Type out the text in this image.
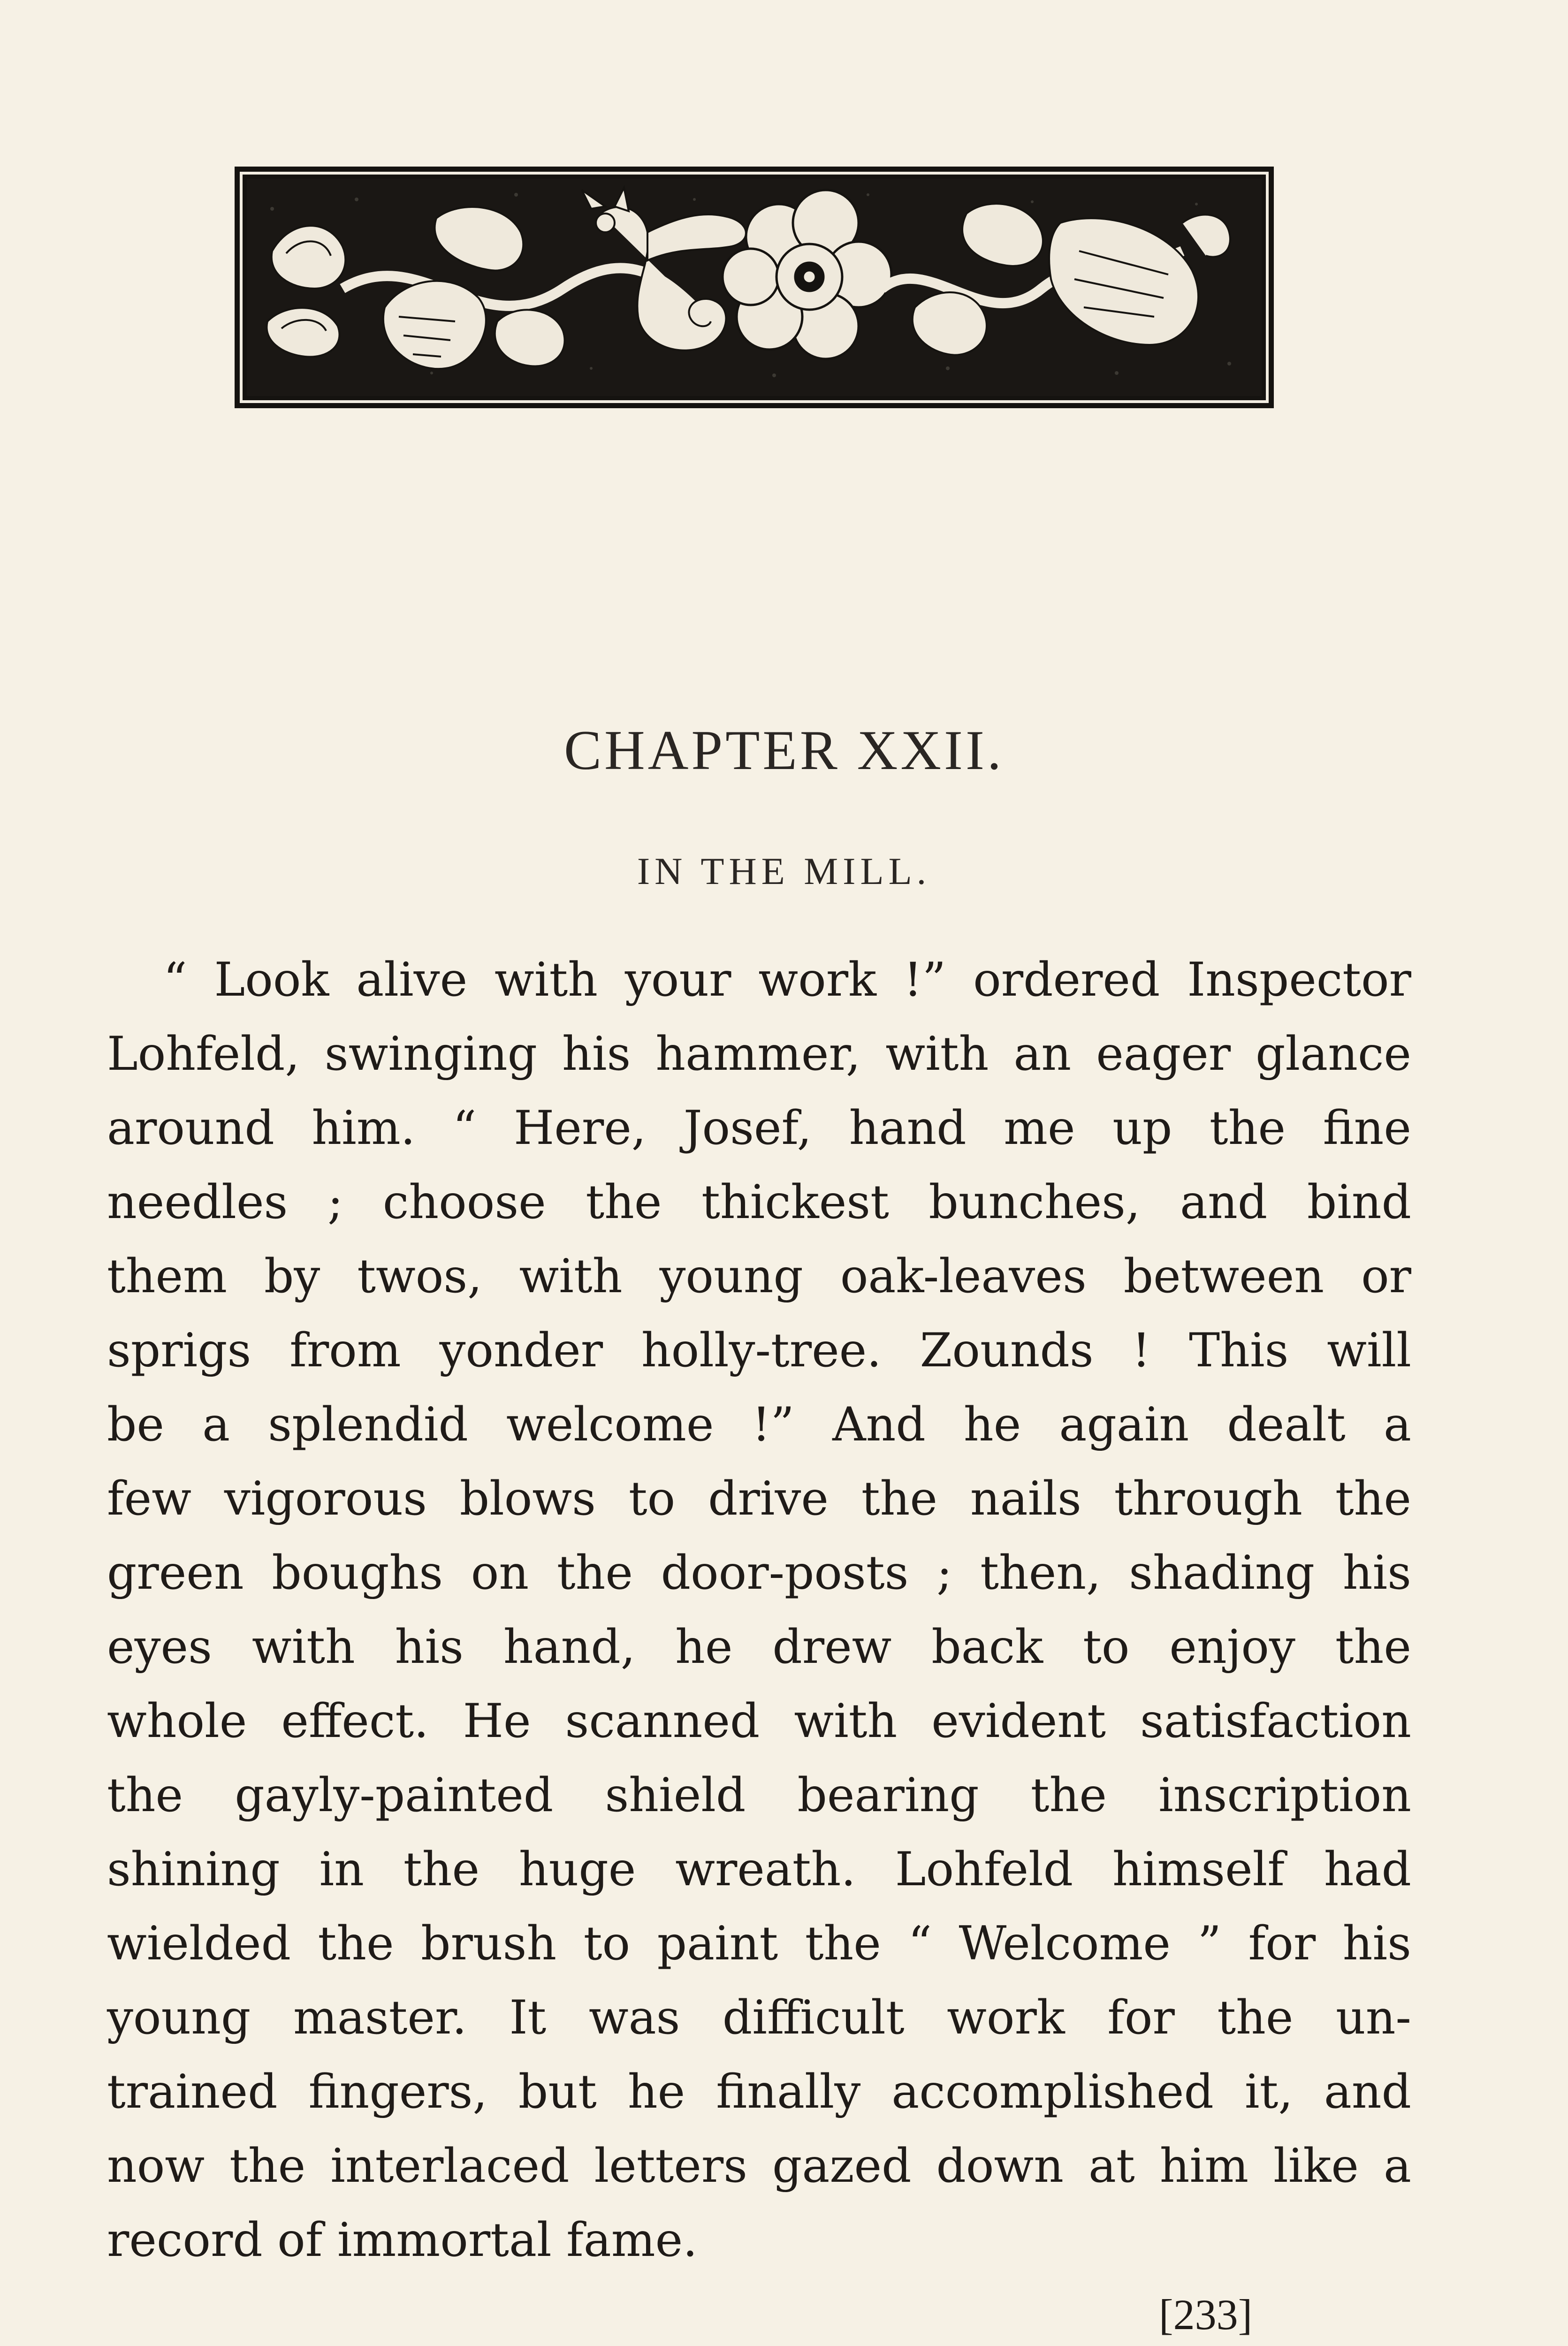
CHAPTER XXII.
IN THE MILL.
“ Look alive with your work !” ordered Inspector
Lohfeld, swinging his hammer, with an eager glance
around him. “ Here, Josef, hand me up the fine
needles ; choose the thickest bunches, and bind
them by twos, with young oak-leaves between or
sprigs from yonder holly-tree. Zounds ! This will
be a splendid welcome !” And he again dealt a
few vigorous blows to drive the nails through the
green boughs on the door-posts ; then, shading his
eyes with his hand, he drew back to enjoy the
whole effect. He scanned with evident satisfaction
the gayly-painted shield bearing the inscription
shining in the huge wreath. Lohfeld himself had
wielded the brush to paint the “ Welcome ” for his
young master. It was difficult work for the un-
trained fingers, but he finally accomplished it, and
now the interlaced letters gazed down at him like a
record of immortal fame.
[233]
